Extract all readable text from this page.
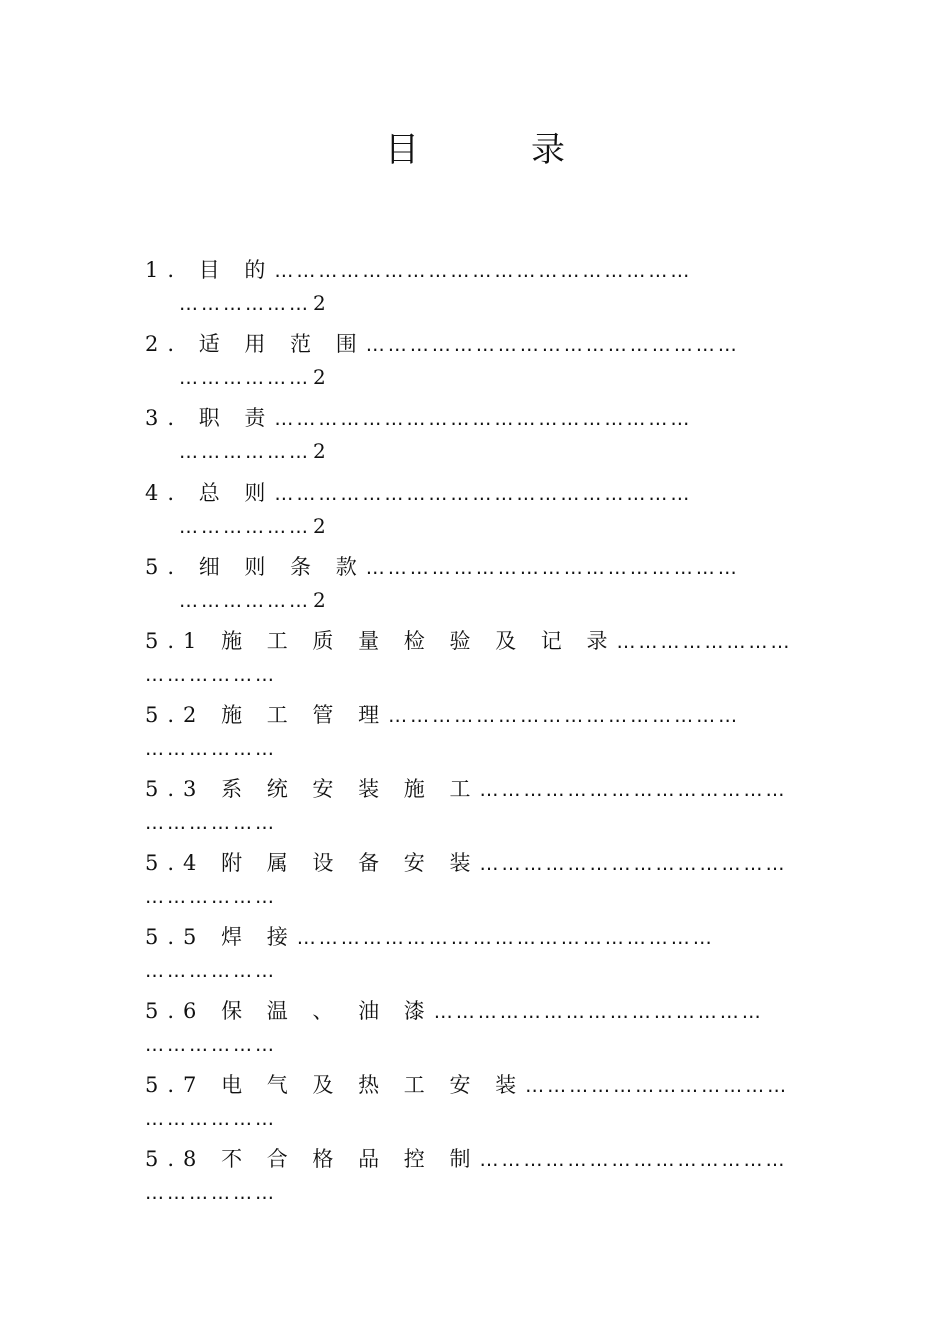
目	录
1. 目 的…………………………………………………
……………… 2
2. 适 用 范 围……………………………………………
……………… 2
3. 职 责…………………………………………………
……………… 2
4. 总 则…………………………………………………
……………… 2
5. 细 则 条 款……………………………………………
……………… 2
5.1 施 工 质 量 检 验 及 记 录……………………
………………
5.2 施 工 管 理…………………………………………
………………
5.3 系 统 安 装 施 工……………………………………
………………
5.4 附 属 设 备 安 装……………………………………
………………
5.5 焊 接…………………………………………………
………………
5.6 保 温 、 油 漆………………………………………
………………
5.7 电 气 及 热 工 安 装………………………………
………………
5.8 不 合 格 品 控 制……………………………………
………………
